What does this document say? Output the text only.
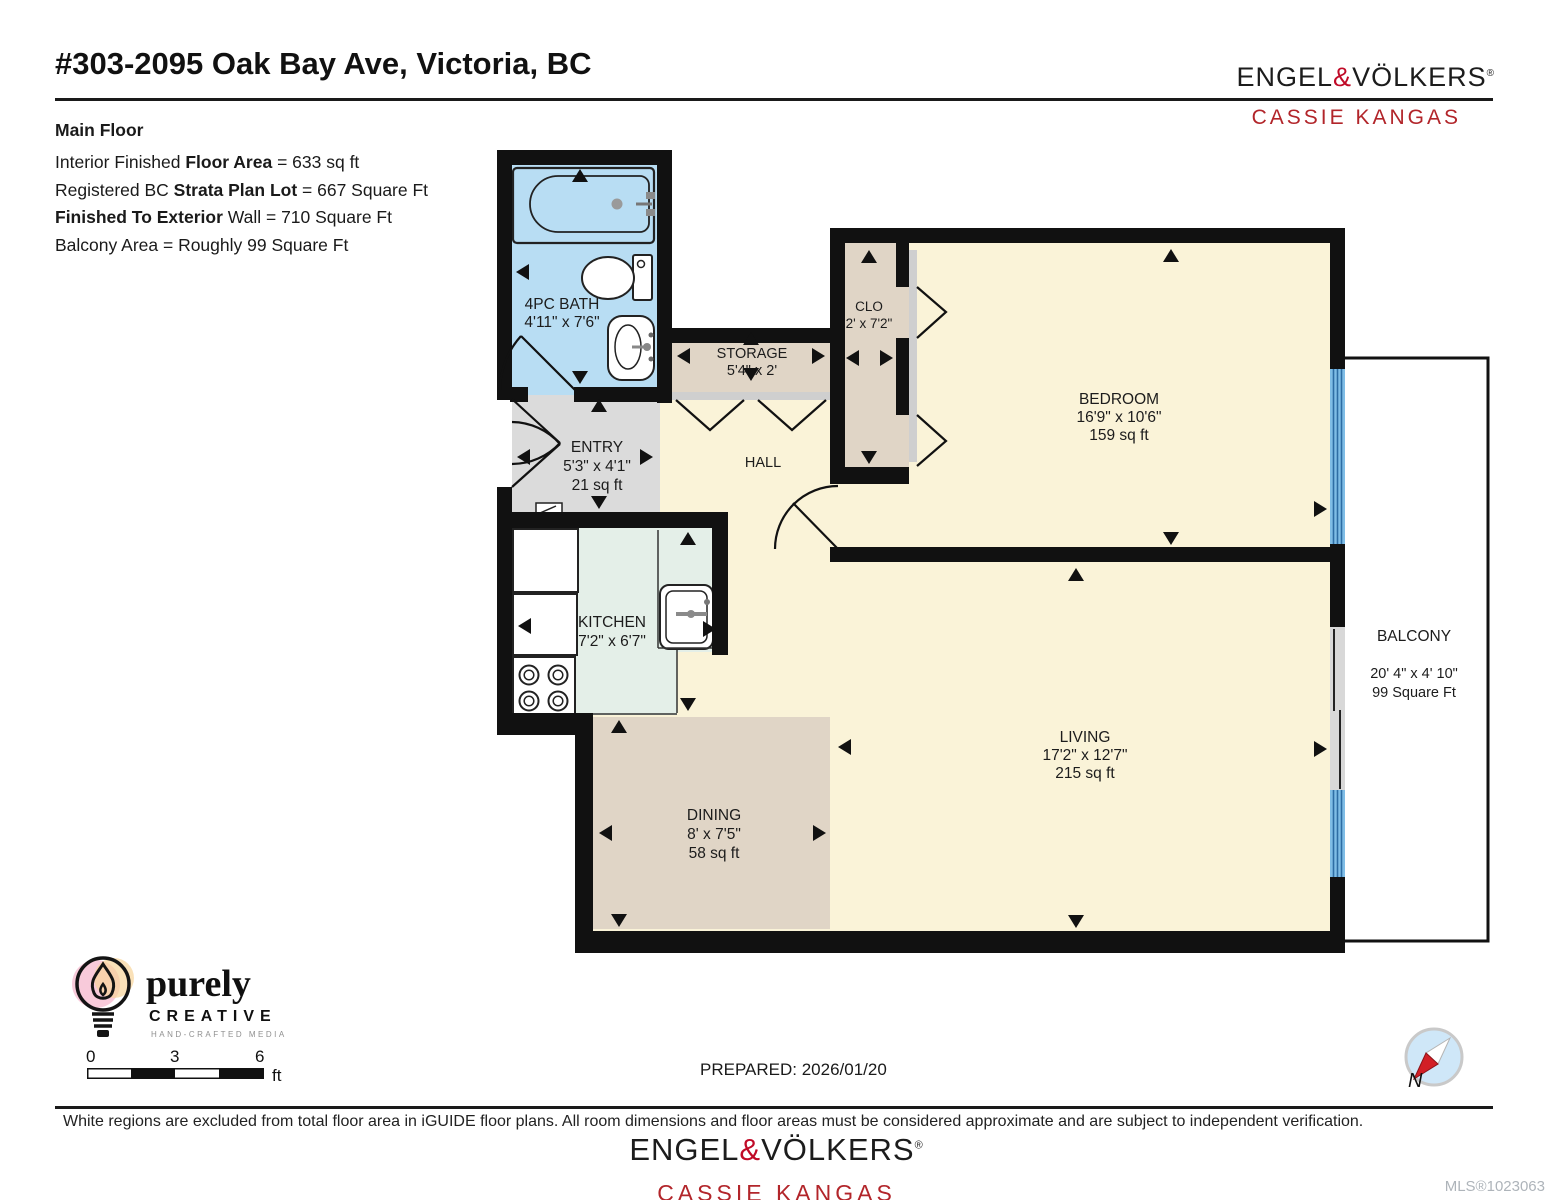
#303-2095 Oak Bay Ave, Victoria, BC	ENGEL&VÖLKERS®
CASSIE KANGAS
Main Floor
Interior Finished Floor Area = 633 sq ft
Registered BC Strata Plan Lot = 667 Square Ft
Finished To Exterior Wall = 710 Square Ft
Balcony Area = Roughly 99 Square Ft
4PC BATH
4'11" x 7'6"
STORAGE
5'4" x 2'
CLO
2' x 7'2"
BEDROOM
16'9" x 10'6"
159 sq ft
ENTRY
5'3" x 4'1"
21 sq ft
HALL
KITCHEN
7'2" x 6'7"
DINING
8' x 7'5"
58 sq ft
LIVING
17'2" x 12'7"
215 sq ft
BALCONY
20' 4" x 4' 10"
99 Square Ft
purely
CREATIVE
HAND-CRAFTED MEDIA
0	3	6
ft	PREPARED: 2026/01/20
N
White regions are excluded from total floor area in iGUIDE floor plans. All room dimensions and floor areas must be considered approximate and are subject to independent verification.
ENGEL&VÖLKERS®
CASSIE KANGAS	MLS®1023063
